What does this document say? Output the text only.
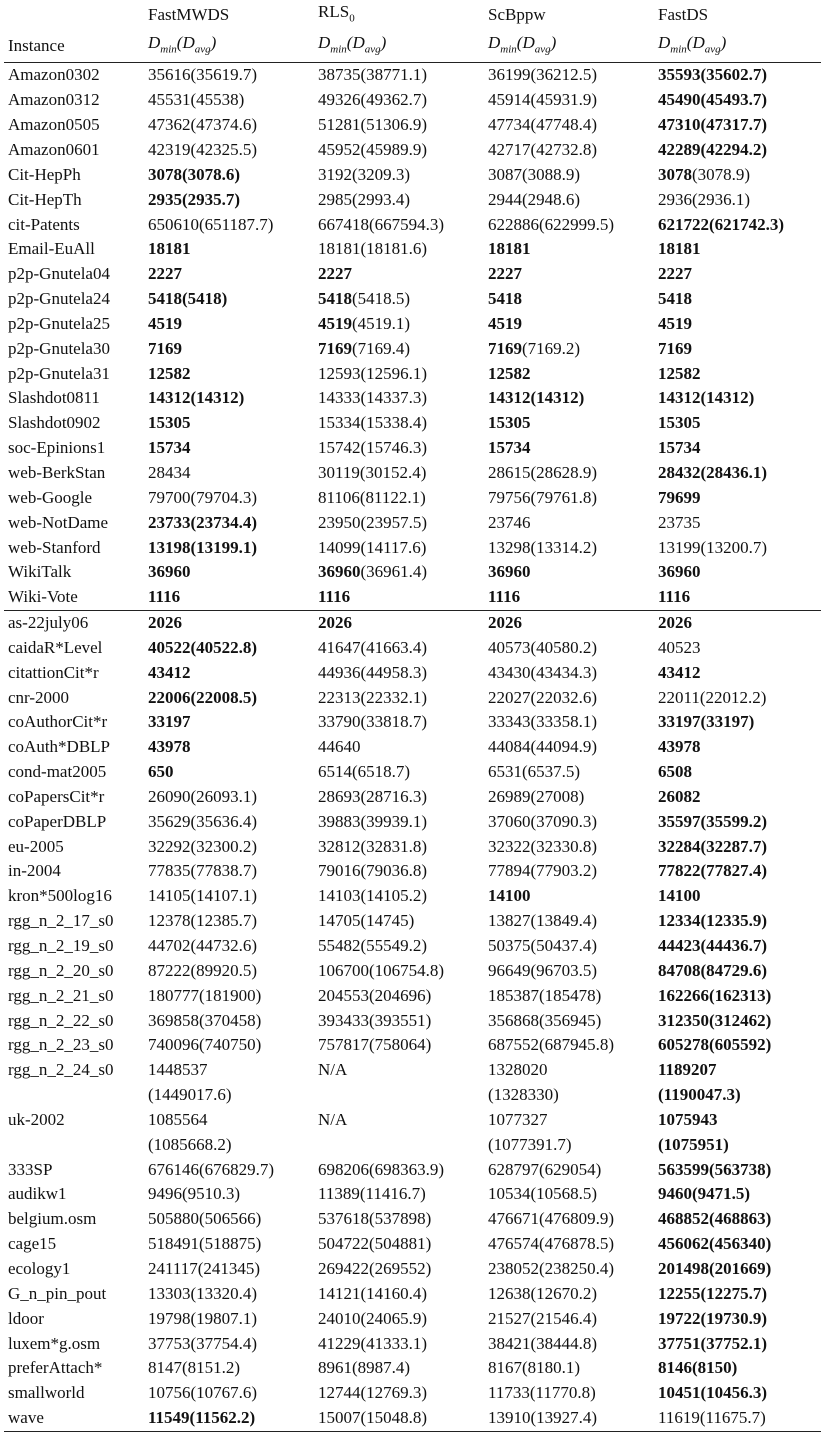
	FastMWDS	$RLS_0$	ScBppw	FastDS
Instance	$D_{min}(D_{avg})$	$D_{min}(D_{avg})$	$D_{min}(D_{avg})$	$D_{min}(D_{avg})$
Amazon0302	35616(35619.7)	38735(38771.1)	36199(36212.5)	35593(35602.7)
Amazon0312	45531(45538)	49326(49362.7)	45914(45931.9)	45490(45493.7)
Amazon0505	47362(47374.6)	51281(51306.9)	47734(47748.4)	47310(47317.7)
Amazon0601	42319(42325.5)	45952(45989.9)	42717(42732.8)	42289(42294.2)
Cit-HepPh	3078(3078.6)	3192(3209.3)	3087(3088.9)	3078(3078.9)
Cit-HepTh	2935(2935.7)	2985(2993.4)	2944(2948.6)	2936(2936.1)
cit-Patents	650610(651187.7)	667418(667594.3)	622886(622999.5)	621722(621742.3)
Email-EuAll	18181	18181(18181.6)	18181	18181
p2p-Gnutela04	2227	2227	2227	2227
p2p-Gnutela24	5418(5418)	5418(5418.5)	5418	5418
p2p-Gnutela25	4519	4519(4519.1)	4519	4519
p2p-Gnutela30	7169	7169(7169.4)	7169(7169.2)	7169
p2p-Gnutela31	12582	12593(12596.1)	12582	12582
Slashdot0811	14312(14312)	14333(14337.3)	14312(14312)	14312(14312)
Slashdot0902	15305	15334(15338.4)	15305	15305
soc-Epinions1	15734	15742(15746.3)	15734	15734
web-BerkStan	28434	30119(30152.4)	28615(28628.9)	28432(28436.1)
web-Google	79700(79704.3)	81106(81122.1)	79756(79761.8)	79699
web-NotDame	23733(23734.4)	23950(23957.5)	23746	23735
web-Stanford	13198(13199.1)	14099(14117.6)	13298(13314.2)	13199(13200.7)
WikiTalk	36960	36960(36961.4)	36960	36960
Wiki-Vote	1116	1116	1116	1116
as-22july06	2026	2026	2026	2026
caidaR*Level	40522(40522.8)	41647(41663.4)	40573(40580.2)	40523
citattionCit*r	43412	44936(44958.3)	43430(43434.3)	43412
cnr-2000	22006(22008.5)	22313(22332.1)	22027(22032.6)	22011(22012.2)
coAuthorCit*r	33197	33790(33818.7)	33343(33358.1)	33197(33197)
coAuth*DBLP	43978	44640	44084(44094.9)	43978
cond-mat2005	650	6514(6518.7)	6531(6537.5)	6508
coPapersCit*r	26090(26093.1)	28693(28716.3)	26989(27008)	26082
coPaperDBLP	35629(35636.4)	39883(39939.1)	37060(37090.3)	35597(35599.2)
eu-2005	32292(32300.2)	32812(32831.8)	32322(32330.8)	32284(32287.7)
in-2004	77835(77838.7)	79016(79036.8)	77894(77903.2)	77822(77827.4)
kron*500log16	14105(14107.1)	14103(14105.2)	14100	14100
rgg_n_2_17_s0	12378(12385.7)	14705(14745)	13827(13849.4)	12334(12335.9)
rgg_n_2_19_s0	44702(44732.6)	55482(55549.2)	50375(50437.4)	44423(44436.7)
rgg_n_2_20_s0	87222(89920.5)	106700(106754.8)	96649(96703.5)	84708(84729.6)
rgg_n_2_21_s0	180777(181900)	204553(204696)	185387(185478)	162266(162313)
rgg_n_2_22_s0	369858(370458)	393433(393551)	356868(356945)	312350(312462)
rgg_n_2_23_s0	740096(740750)	757817(758064)	687552(687945.8)	605278(605592)
rgg_n_2_24_s0	1448537	N/A	1328020	1189207
	(1449017.6)		(1328330)	(1190047.3)
uk-2002	1085564	N/A	1077327	1075943
	(1085668.2)		(1077391.7)	(1075951)
333SP	676146(676829.7)	698206(698363.9)	628797(629054)	563599(563738)
audikw1	9496(9510.3)	11389(11416.7)	10534(10568.5)	9460(9471.5)
belgium.osm	505880(506566)	537618(537898)	476671(476809.9)	468852(468863)
cage15	518491(518875)	504722(504881)	476574(476878.5)	456062(456340)
ecology1	241117(241345)	269422(269552)	238052(238250.4)	201498(201669)
G_n_pin_pout	13303(13320.4)	14121(14160.4)	12638(12670.2)	12255(12275.7)
ldoor	19798(19807.1)	24010(24065.9)	21527(21546.4)	19722(19730.9)
luxem*g.osm	37753(37754.4)	41229(41333.1)	38421(38444.8)	37751(37752.1)
preferAttach*	8147(8151.2)	8961(8987.4)	8167(8180.1)	8146(8150)
smallworld	10756(10767.6)	12744(12769.3)	11733(11770.8)	10451(10456.3)
wave	11549(11562.2)	15007(15048.8)	13910(13927.4)	11619(11675.7)
